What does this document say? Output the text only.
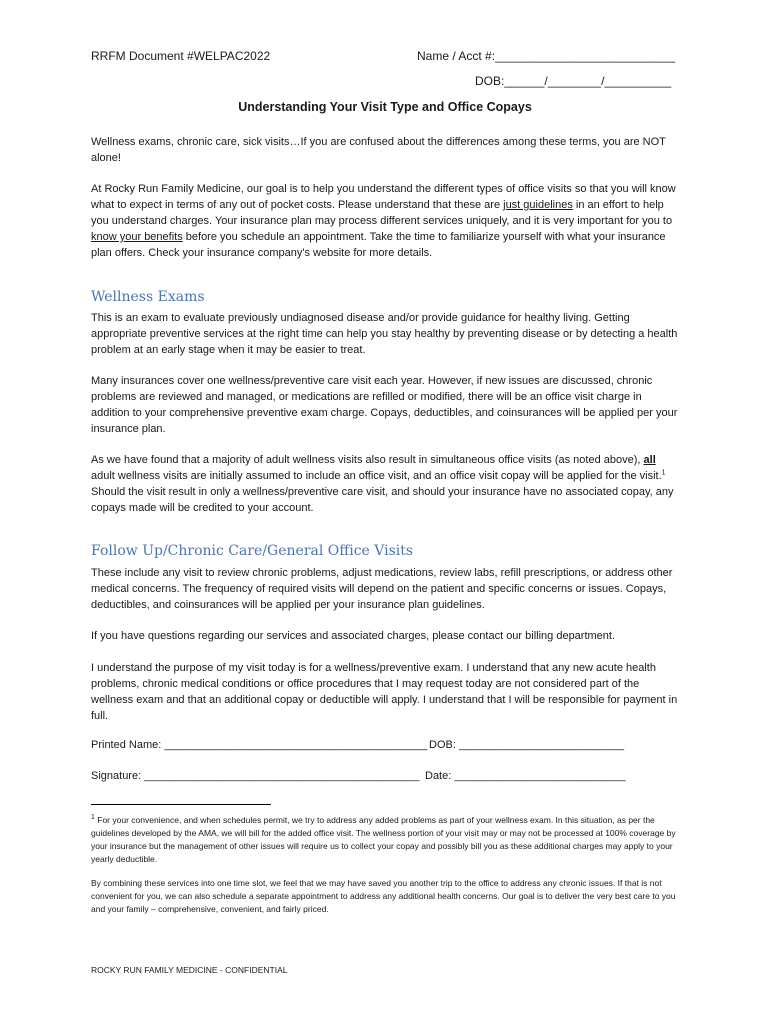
RRFM Document #WELPAC2022	Name / Acct #:___________________________
DOB:______/________/__________
Understanding Your Visit Type and Office Copays

Wellness exams, chronic care, sick visits…If you are confused about the differences among these terms, you are NOT alone!

At Rocky Run Family Medicine, our goal is to help you understand the different types of office visits so that you will know what to expect in terms of any out of pocket costs. Please understand that these are just guidelines in an effort to help you understand charges. Your insurance plan may process different services uniquely, and it is very important for you to know your benefits before you schedule an appointment. Take the time to familiarize yourself with what your insurance plan offers. Check your insurance company's website for more details.

Wellness Exams

This is an exam to evaluate previously undiagnosed disease and/or provide guidance for healthy living. Getting appropriate preventive services at the right time can help you stay healthy by preventing disease or by detecting a health problem at an early stage when it may be easier to treat.

Many insurances cover one wellness/preventive care visit each year. However, if new issues are discussed, chronic problems are reviewed and managed, or medications are refilled or modified, there will be an office visit charge in addition to your comprehensive preventive exam charge. Copays, deductibles, and coinsurances will be applied per your insurance plan.

As we have found that a majority of adult wellness visits also result in simultaneous office visits (as noted above), all adult wellness visits are initially assumed to include an office visit, and an office visit copay will be applied for the visit.$^1$ Should the visit result in only a wellness/preventive care visit, and should your insurance have no associated copay, any copays made will be credited to your account.

Follow Up/Chronic Care/General Office Visits

These include any visit to review chronic problems, adjust medications, review labs, refill prescriptions, or address other medical concerns. The frequency of required visits will depend on the patient and specific concerns or issues. Copays, deductibles, and coinsurances will be applied per your insurance plan guidelines.

If you have questions regarding our services and associated charges, please contact our billing department.

I understand the purpose of my visit today is for a wellness/preventive exam. I understand that any new acute health problems, chronic medical conditions or office procedures that I may request today are not considered part of the wellness exam and that an additional copay or deductible will apply. I understand that I will be responsible for payment in full.

Printed Name: ___________________________________________ DOB: ___________________________
Signature: _____________________________________________ Date: ____________________________

$^1$ For your convenience, and when schedules permit, we try to address any added problems as part of your wellness exam. In this situation, as per the guidelines developed by the AMA, we will bill for the added office visit. The wellness portion of your visit may or may not be processed at 100% coverage by your insurance but the management of other issues will require us to collect your copay and possibly bill you as these additional charges may apply to your yearly deductible.

By combining these services into one time slot, we feel that we may have saved you another trip to the office to address any chronic issues. If that is not convenient for you, we can also schedule a separate appointment to address any additional health concerns. Our goal is to deliver the very best care to you and your family – comprehensive, convenient, and fairly priced.

ROCKY RUN FAMILY MEDICINE - CONFIDENTIAL
